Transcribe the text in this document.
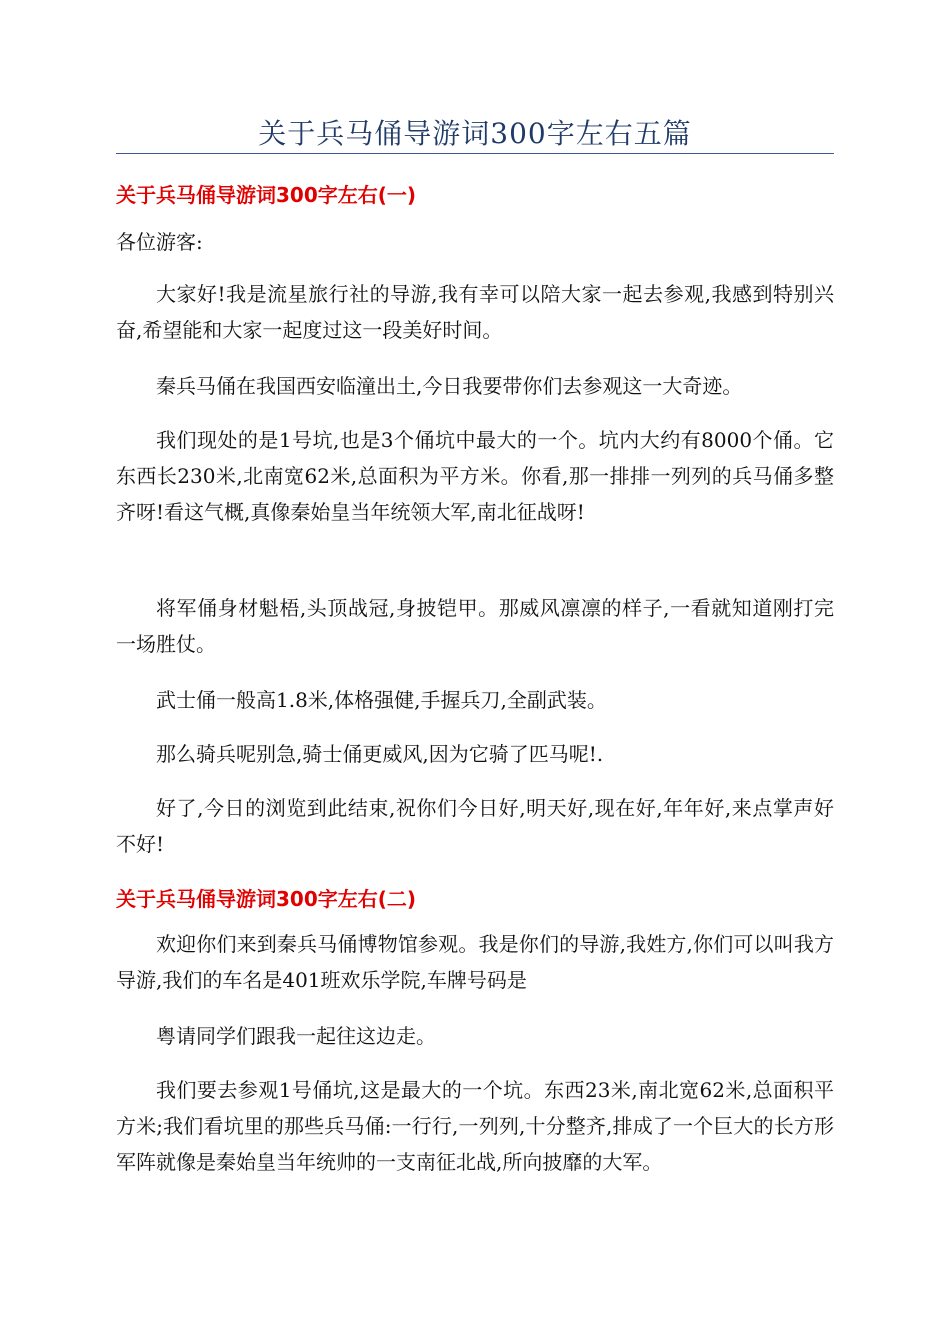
关于兵马俑导游词300字左右五篇
关于兵马俑导游词300字左右(一)
各位游客:
大家好!我是流星旅行社的导游,我有幸可以陪大家一起去参观,我感到特别兴奋,希望能和大家一起度过这一段美好时间。
秦兵马俑在我国西安临潼出土,今日我要带你们去参观这一大奇迹。
我们现处的是1号坑,也是3个俑坑中最大的一个。坑内大约有8000个俑。它东西长230米,北南宽62米,总面积为平方米。你看,那一排排一列列的兵马俑多整齐呀!看这气概,真像秦始皇当年统领大军,南北征战呀!
将军俑身材魁梧,头顶战冠,身披铠甲。那威风凛凛的样子,一看就知道刚打完一场胜仗。
武士俑一般高1.8米,体格强健,手握兵刀,全副武装。
那么骑兵呢别急,骑士俑更威风,因为它骑了匹马呢!.
好了,今日的浏览到此结束,祝你们今日好,明天好,现在好,年年好,来点掌声好不好!
关于兵马俑导游词300字左右(二)
欢迎你们来到秦兵马俑博物馆参观。我是你们的导游,我姓方,你们可以叫我方导游,我们的车名是401班欢乐学院,车牌号码是
粤请同学们跟我一起往这边走。
我们要去参观1号俑坑,这是最大的一个坑。东西23米,南北宽62米,总面积平方米;我们看坑里的那些兵马俑:一行行,一列列,十分整齐,排成了一个巨大的长方形军阵就像是秦始皇当年统帅的一支南征北战,所向披靡的大军。
